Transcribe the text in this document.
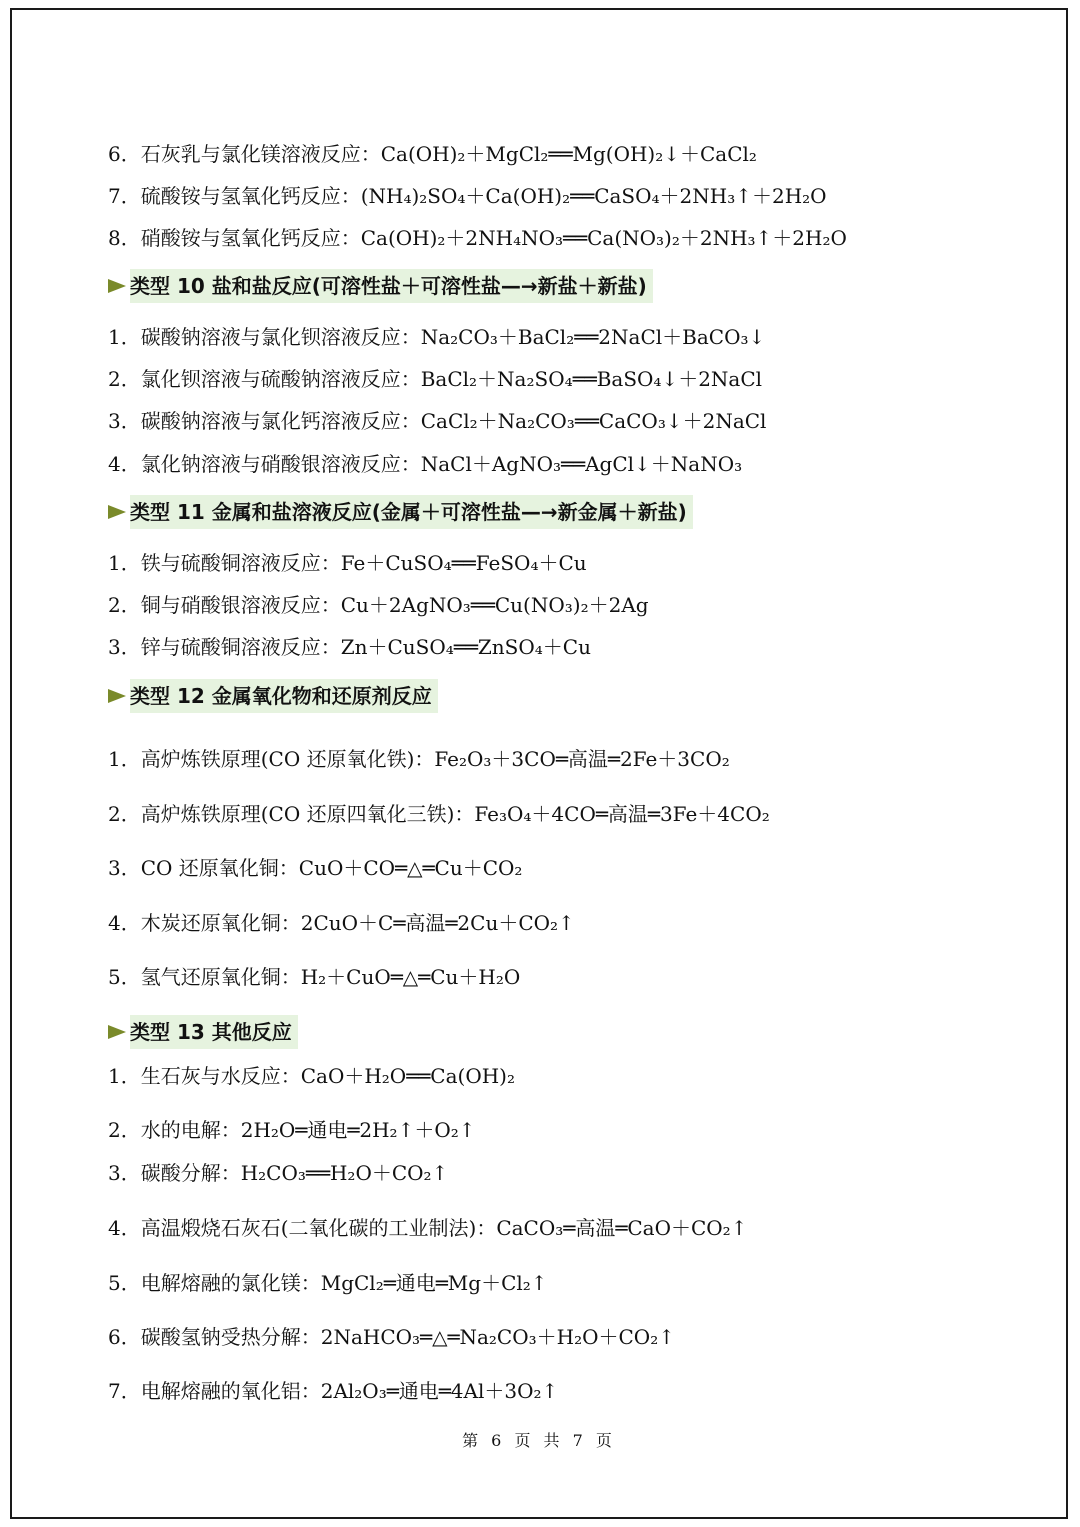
6．石灰乳与氯化镁溶液反应：Ca(OH)₂＋MgCl₂══Mg(OH)₂↓＋CaCl₂
7．硫酸铵与氢氧化钙反应：(NH₄)₂SO₄＋Ca(OH)₂══CaSO₄＋2NH₃↑＋2H₂O
8．硝酸铵与氢氧化钙反应：Ca(OH)₂＋2NH₄NO₃══Ca(NO₃)₂＋2NH₃↑＋2H₂O
类型 10 盐和盐反应(可溶性盐＋可溶性盐—→新盐＋新盐)
1．碳酸钠溶液与氯化钡溶液反应：Na₂CO₃＋BaCl₂══2NaCl＋BaCO₃↓
2．氯化钡溶液与硫酸钠溶液反应：BaCl₂＋Na₂SO₄══BaSO₄↓＋2NaCl
3．碳酸钠溶液与氯化钙溶液反应：CaCl₂＋Na₂CO₃══CaCO₃↓＋2NaCl
4．氯化钠溶液与硝酸银溶液反应：NaCl＋AgNO₃══AgCl↓＋NaNO₃
类型 11 金属和盐溶液反应(金属＋可溶性盐—→新金属＋新盐)
1．铁与硫酸铜溶液反应：Fe＋CuSO₄══FeSO₄＋Cu
2．铜与硝酸银溶液反应：Cu＋2AgNO₃══Cu(NO₃)₂＋2Ag
3．锌与硫酸铜溶液反应：Zn＋CuSO₄══ZnSO₄＋Cu
类型 12 金属氧化物和还原剂反应
1．高炉炼铁原理(CO 还原氧化铁)：Fe₂O₃＋3CO═高温═2Fe＋3CO₂
2．高炉炼铁原理(CO 还原四氧化三铁)：Fe₃O₄＋4CO═高温═3Fe＋4CO₂
3．CO 还原氧化铜：CuO＋CO═△═Cu＋CO₂
4．木炭还原氧化铜：2CuO＋C═高温═2Cu＋CO₂↑
5．氢气还原氧化铜：H₂＋CuO═△═Cu＋H₂O
类型 13 其他反应
1．生石灰与水反应：CaO＋H₂O══Ca(OH)₂
2．水的电解：2H₂O═通电═2H₂↑＋O₂↑
3．碳酸分解：H₂CO₃══H₂O＋CO₂↑
4．高温煅烧石灰石(二氧化碳的工业制法)：CaCO₃═高温═CaO＋CO₂↑
5．电解熔融的氯化镁：MgCl₂═通电═Mg＋Cl₂↑
6．碳酸氢钠受热分解：2NaHCO₃═△═Na₂CO₃＋H₂O＋CO₂↑
7．电解熔融的氧化铝：2Al₂O₃═通电═4Al＋3O₂↑
第 6 页 共 7 页
